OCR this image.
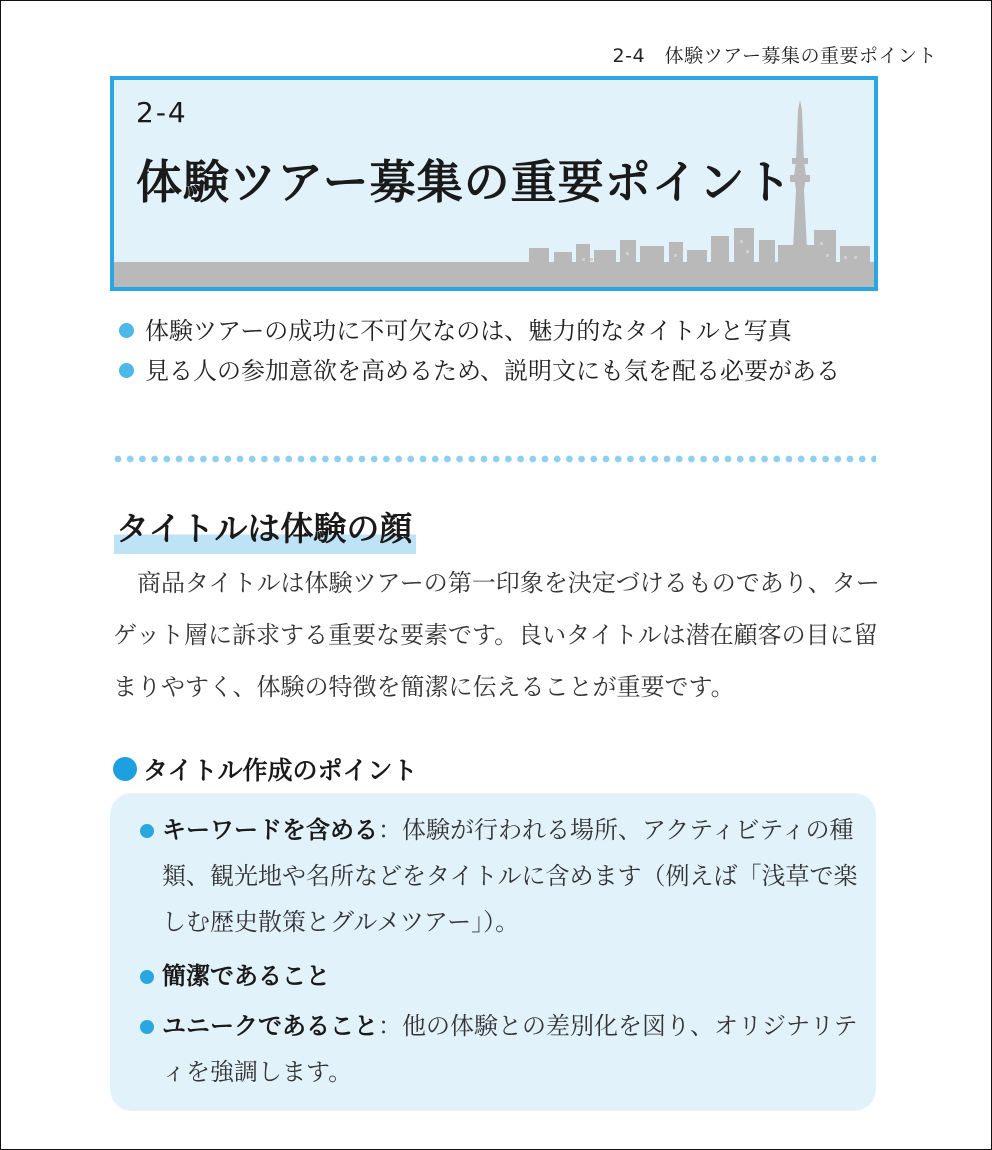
2-4　体験ツアー募集の重要ポイント
2-4
体験ツアー募集の重要ポイント
体験ツアーの成功に不可欠なのは、魅力的なタイトルと写真
見る人の参加意欲を高めるため、説明文にも気を配る必要がある
タイトルは体験の顔

商品タイトルは体験ツアーの第一印象を決定づけるものであり、ターゲット層に訴求する重要な要素です。良いタイトルは潜在顧客の目に留まりやすく、体験の特徴を簡潔に伝えることが重要です。

タイトル作成のポイント
キーワードを含める：体験が行われる場所、アクティビティの種類、観光地や名所などをタイトルに含めます（例えば「浅草で楽しむ歴史散策とグルメツアー」）。
簡潔であること
ユニークであること：他の体験との差別化を図り、オリジナリティを強調します。
